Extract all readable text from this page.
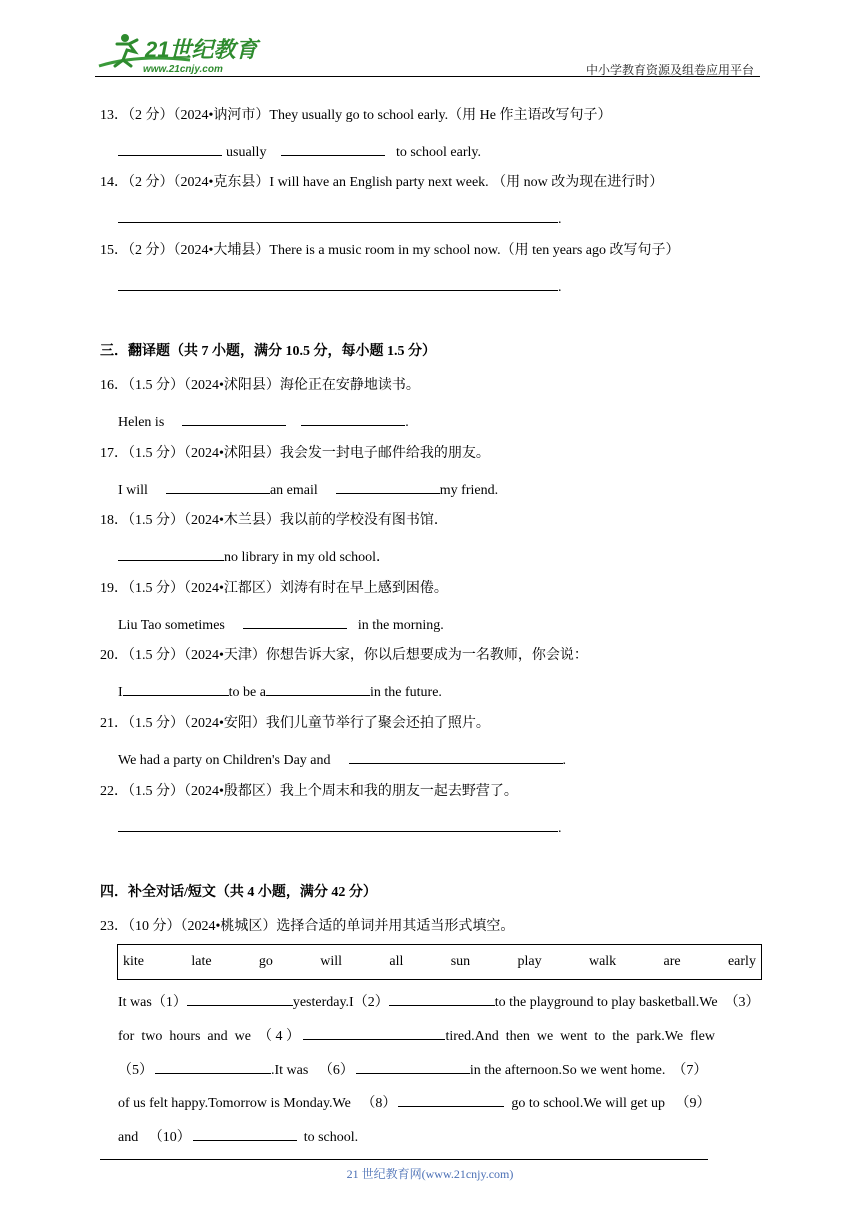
21世纪教育
www.21cnjy.com	中小学教育资源及组卷应用平台
13．（2 分）（2024•讷河市）They usually go to school early.（用 He 作主语改写句子）
usually	to school early.
14．（2 分）（2024•克东县）I will have an English party next week. （用 now 改为现在进行时）
.
15．（2 分）（2024•大埔县）There is a music room in my school now.（用 ten years ago 改写句子）
.
三．翻译题（共 7 小题，满分 10.5 分，每小题 1.5 分）
16．（1.5 分）（2024•沭阳县）海伦正在安静地读书。
Helen is	.
17．（1.5 分）（2024•沭阳县）我会发一封电子邮件给我的朋友。
I will	an email	my friend.
18．（1.5 分）（2024•木兰县）我以前的学校没有图书馆．
no library in my old school．
19．（1.5 分）（2024•江都区）刘涛有时在早上感到困倦。
Liu Tao sometimes	in the morning.
20．（1.5 分）（2024•天津）你想告诉大家，你以后想要成为一名教师，你会说：
I	to be a	in the future.
21．（1.5 分）（2024•安阳）我们儿童节举行了聚会还拍了照片。
We had a party on Children's Day and	.
22．（1.5 分）（2024•殷都区）我上个周末和我的朋友一起去野营了。
.
四．补全对话/短文（共 4 小题，满分 42 分）
23．（10 分）（2024•桃城区）选择合适的单词并用其适当形式填空。
kite	late	go	will	all	sun	play	walk	are	early
It was（1）	yesterday.I（2）	to the playground to play basketball.We （3）
for  two  hours  and  we （ 4 ）	tired.And  then  we  went  to  the  park.We  flew
（5）	.It was （6）	in the afternoon.So we went home. （7）
of us felt happy.Tomorrow is Monday.We （8）	go to school.We will get up （9）
and （10）	to school.
21 世纪教育网(www.21cnjy.com)
